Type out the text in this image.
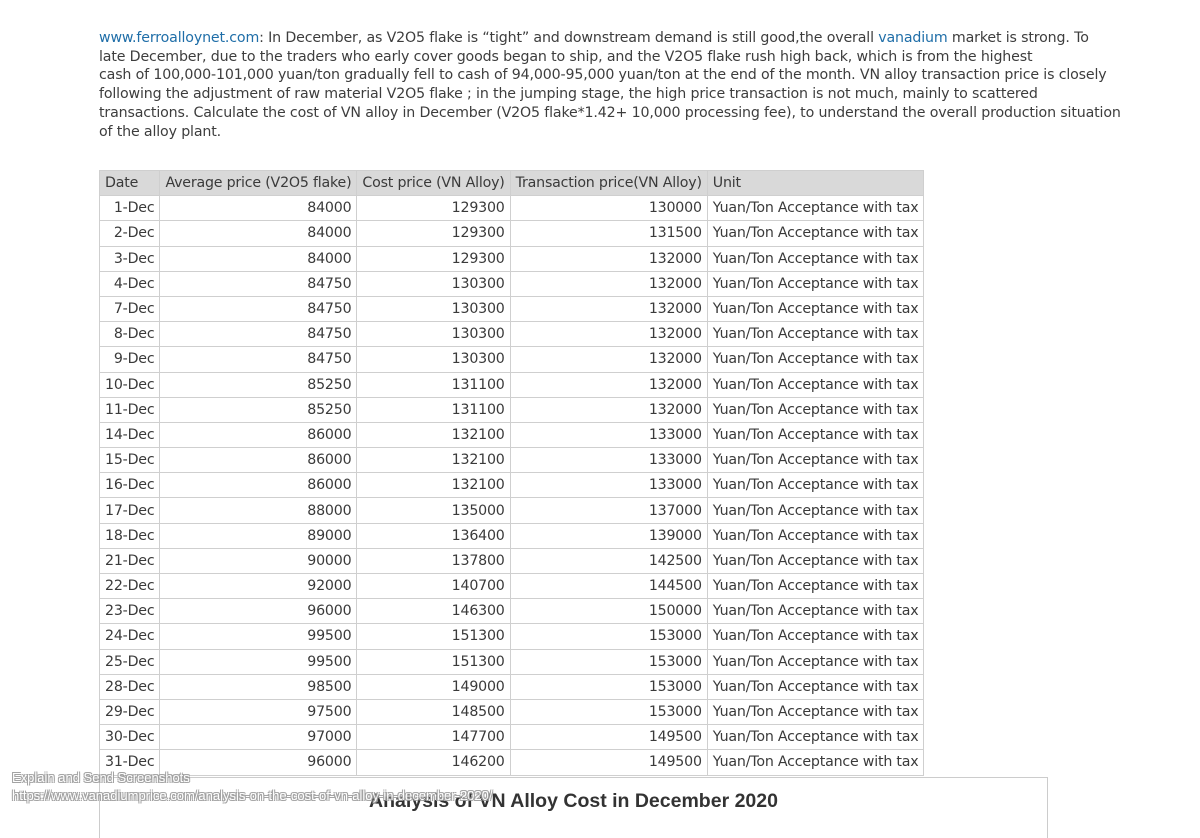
www.ferroalloynet.com: In December, as V2O5 flake is “tight” and downstream demand is still good,the overall vanadium market is strong. To
late December, due to the traders who early cover goods began to ship, and the V2O5 flake rush high back, which is from the highest
cash of 100,000-101,000 yuan/ton gradually fell to cash of 94,000-95,000 yuan/ton at the end of the month. VN alloy transaction price is closely
following the adjustment of raw material V2O5 flake ; in the jumping stage, the high price transaction is not much, mainly to scattered
transactions. Calculate the cost of VN alloy in December (V2O5 flake*1.42+ 10,000 processing fee), to understand the overall production situation
of the alloy plant.
Date	Average price (V2O5 flake)	Cost price (VN Alloy)	Transaction price(VN Alloy)	Unit
1-Dec	84000	129300	130000	Yuan/Ton Acceptance with tax
2-Dec	84000	129300	131500	Yuan/Ton Acceptance with tax
3-Dec	84000	129300	132000	Yuan/Ton Acceptance with tax
4-Dec	84750	130300	132000	Yuan/Ton Acceptance with tax
7-Dec	84750	130300	132000	Yuan/Ton Acceptance with tax
8-Dec	84750	130300	132000	Yuan/Ton Acceptance with tax
9-Dec	84750	130300	132000	Yuan/Ton Acceptance with tax
10-Dec	85250	131100	132000	Yuan/Ton Acceptance with tax
11-Dec	85250	131100	132000	Yuan/Ton Acceptance with tax
14-Dec	86000	132100	133000	Yuan/Ton Acceptance with tax
15-Dec	86000	132100	133000	Yuan/Ton Acceptance with tax
16-Dec	86000	132100	133000	Yuan/Ton Acceptance with tax
17-Dec	88000	135000	137000	Yuan/Ton Acceptance with tax
18-Dec	89000	136400	139000	Yuan/Ton Acceptance with tax
21-Dec	90000	137800	142500	Yuan/Ton Acceptance with tax
22-Dec	92000	140700	144500	Yuan/Ton Acceptance with tax
23-Dec	96000	146300	150000	Yuan/Ton Acceptance with tax
24-Dec	99500	151300	153000	Yuan/Ton Acceptance with tax
25-Dec	99500	151300	153000	Yuan/Ton Acceptance with tax
28-Dec	98500	149000	153000	Yuan/Ton Acceptance with tax
29-Dec	97500	148500	153000	Yuan/Ton Acceptance with tax
30-Dec	97000	147700	149500	Yuan/Ton Acceptance with tax
31-Dec	96000	146200	149500	Yuan/Ton Acceptance with tax
Analysis of VN Alloy Cost in December 2020
Explain and Send Screenshots
https://www.vanadiumprice.com/analysis-on-the-cost-of-vn-alloy-in-december-2020/
